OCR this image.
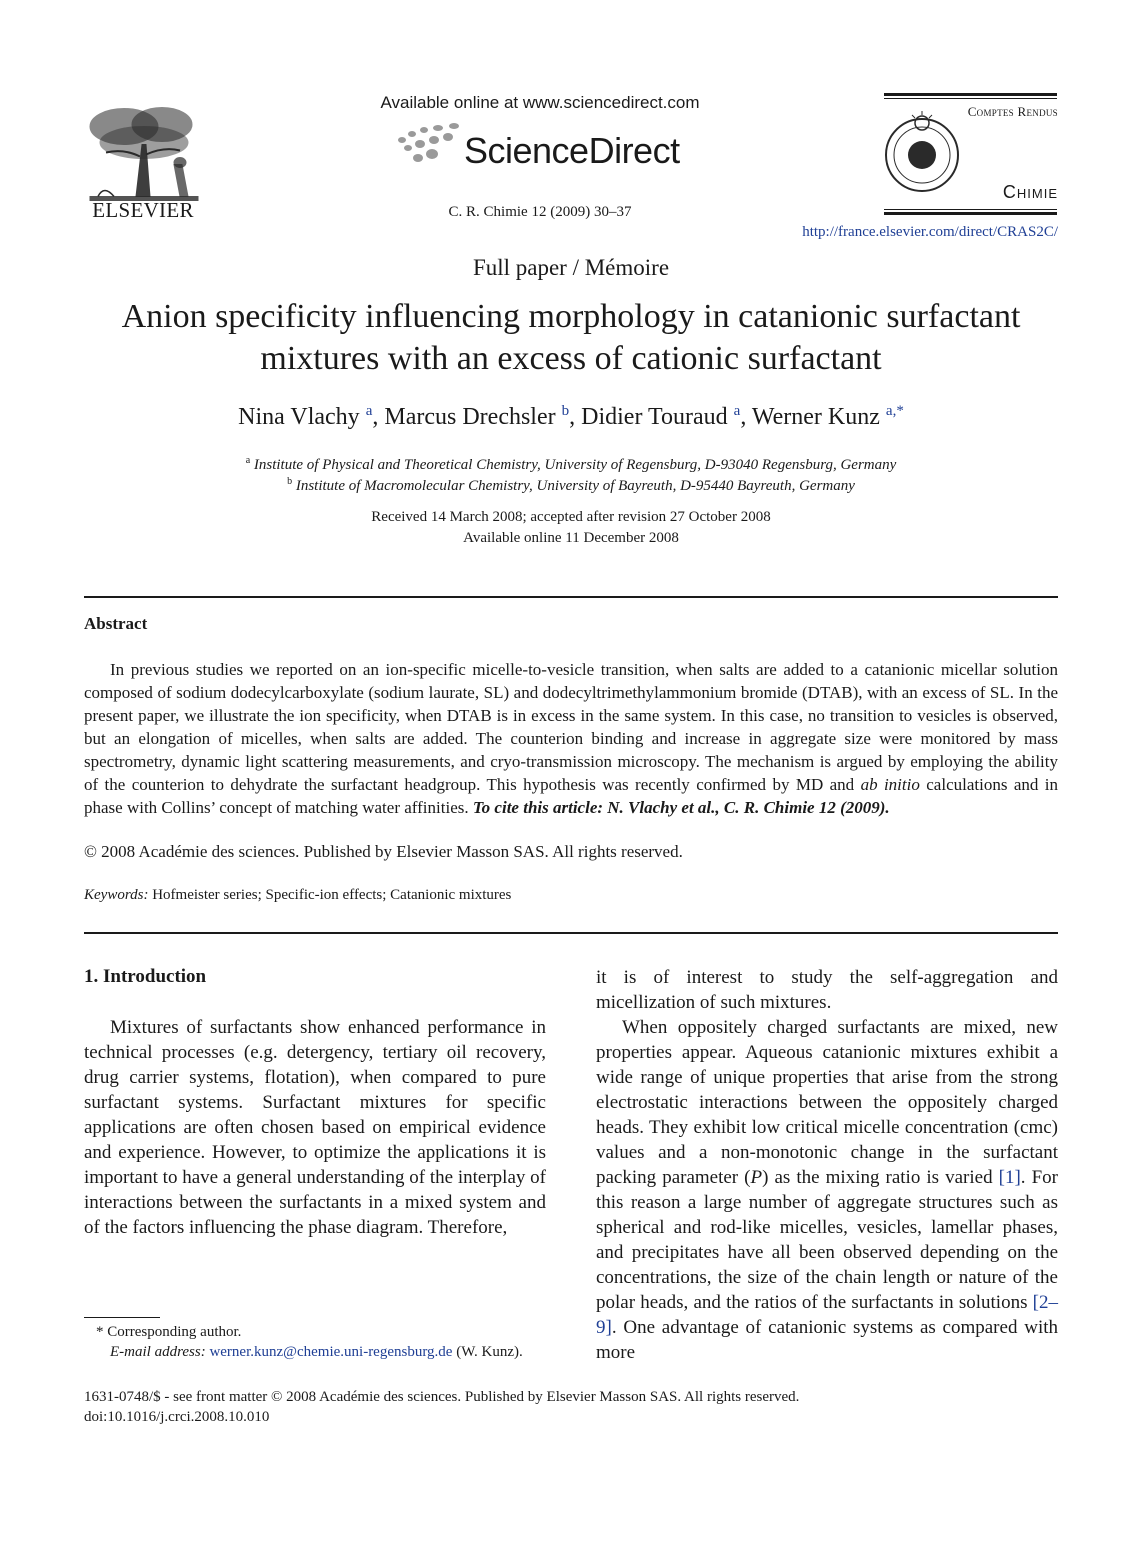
ELSEVIER
Available online at www.sciencedirect.com
ScienceDirect
C. R. Chimie 12 (2009) 30–37
Comptes Rendus
Chimie
http://france.elsevier.com/direct/CRAS2C/
Full paper / Mémoire
Anion specificity influencing morphology in catanionic surfactant mixtures with an excess of cationic surfactant
Nina Vlachy $^a$, Marcus Drechsler $^b$, Didier Touraud $^a$, Werner Kunz $^{a,*}$
$^a$ Institute of Physical and Theoretical Chemistry, University of Regensburg, D-93040 Regensburg, Germany
$^b$ Institute of Macromolecular Chemistry, University of Bayreuth, D-95440 Bayreuth, Germany
Received 14 March 2008; accepted after revision 27 October 2008
Available online 11 December 2008
Abstract

In previous studies we reported on an ion-specific micelle-to-vesicle transition, when salts are added to a catanionic micellar solution composed of sodium dodecylcarboxylate (sodium laurate, SL) and dodecyltrimethylammonium bromide (DTAB), with an excess of SL. In the present paper, we illustrate the ion specificity, when DTAB is in excess in the same system. In this case, no transition to vesicles is observed, but an elongation of micelles, when salts are added. The counterion binding and increase in aggregate size were monitored by mass spectrometry, dynamic light scattering measurements, and cryo-transmission microscopy. The mechanism is argued by employing the ability of the counterion to dehydrate the surfactant headgroup. This hypothesis was recently confirmed by MD and ab initio calculations and in phase with Collins’ concept of matching water affinities. To cite this article: N. Vlachy et al., C. R. Chimie 12 (2009).

© 2008 Académie des sciences. Published by Elsevier Masson SAS. All rights reserved.
Keywords: Hofmeister series; Specific-ion effects; Catanionic mixtures
1. Introduction

Mixtures of surfactants show enhanced performance in technical processes (e.g. detergency, tertiary oil recovery, drug carrier systems, flotation), when compared to pure surfactant systems. Surfactant mixtures for specific applications are often chosen based on empirical evidence and experience. However, to optimize the applications it is important to have a general understanding of the interplay of interactions between the surfactants in a mixed system and of the factors influencing the phase diagram. Therefore,

it is of interest to study the self-aggregation and micellization of such mixtures.

When oppositely charged surfactants are mixed, new properties appear. Aqueous catanionic mixtures exhibit a wide range of unique properties that arise from the strong electrostatic interactions between the oppositely charged heads. They exhibit low critical micelle concentration (cmc) values and a non-monotonic change in the surfactant packing parameter (P) as the mixing ratio is varied [1]. For this reason a large number of aggregate structures such as spherical and rod-like micelles, vesicles, lamellar phases, and precipitates have all been observed depending on the concentrations, the size of the chain length or nature of the polar heads, and the ratios of the surfactants in solutions [2–9]. One advantage of catanionic systems as compared with more

* Corresponding author.
E-mail address: werner.kunz@chemie.uni-regensburg.de (W. Kunz).
1631-0748/$ - see front matter © 2008 Académie des sciences. Published by Elsevier Masson SAS. All rights reserved.
doi:10.1016/j.crci.2008.10.010
